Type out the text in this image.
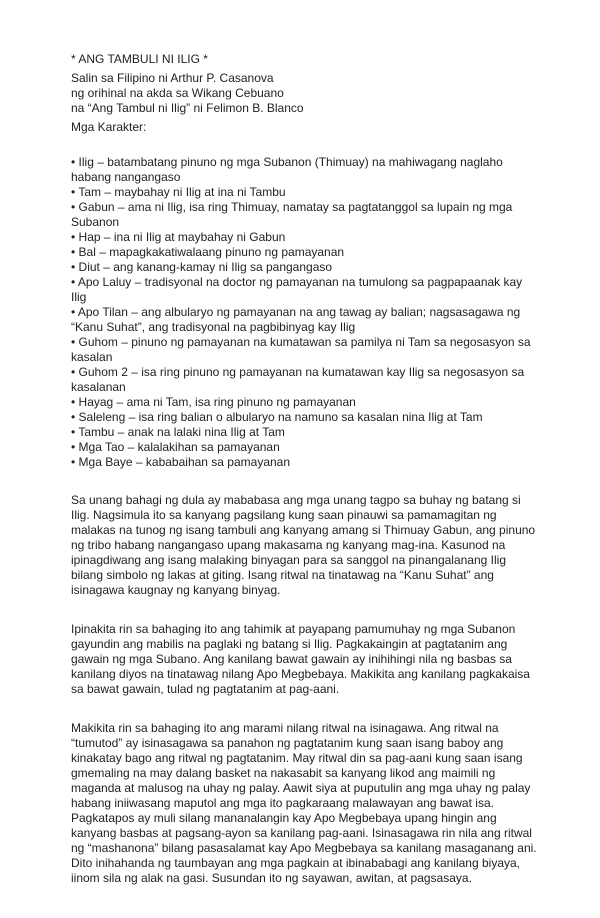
* ANG TAMBULI NI ILIG *
Salin sa Filipino ni Arthur P. Casanova
ng orihinal na akda sa Wikang Cebuano
na “Ang Tambul ni Ilig” ni Felimon B. Blanco
Mga Karakter:
• Ilig – batambatang pinuno ng mga Subanon (Thimuay) na mahiwagang naglaho
habang nangangaso
• Tam – maybahay ni Ilig at ina ni Tambu
• Gabun – ama ni Ilig, isa ring Thimuay, namatay sa pagtatanggol sa lupain ng mga
Subanon
• Hap – ina ni Ilig at maybahay ni Gabun
• Bal – mapagkakatiwalaang pinuno ng pamayanan
• Diut – ang kanang-kamay ni Ilig sa pangangaso
• Apo Laluy – tradisyonal na doctor ng pamayanan na tumulong sa pagpapaanak kay
Ilig
• Apo Tilan – ang albularyo ng pamayanan na ang tawag ay balian; nagsasagawa ng
“Kanu Suhat”, ang tradisyonal na pagbibinyag kay Ilig
• Guhom – pinuno ng pamayanan na kumatawan sa pamilya ni Tam sa negosasyon sa
kasalan
• Guhom 2 – isa ring pinuno ng pamayanan na kumatawan kay Ilig sa negosasyon sa
kasalanan
• Hayag – ama ni Tam, isa ring pinuno ng pamayanan
• Saleleng – isa ring balian o albularyo na namuno sa kasalan nina Ilig at Tam
• Tambu – anak na lalaki nina Ilig at Tam
• Mga Tao – kalalakihan sa pamayanan
• Mga Baye – kababaihan sa pamayanan
Sa unang bahagi ng dula ay mababasa ang mga unang tagpo sa buhay ng batang si
Ilig. Nagsimula ito sa kanyang pagsilang kung saan pinauwi sa pamamagitan ng
malakas na tunog ng isang tambuli ang kanyang amang si Thimuay Gabun, ang pinuno
ng tribo habang nangangaso upang makasama ng kanyang mag-ina. Kasunod na
ipinagdiwang ang isang malaking binyagan para sa sanggol na pinangalanang Ilig
bilang simbolo ng lakas at giting. Isang ritwal na tinatawag na “Kanu Suhat” ang
isinagawa kaugnay ng kanyang binyag.
Ipinakita rin sa bahaging ito ang tahimik at payapang pamumuhay ng mga Subanon
gayundin ang mabilis na paglaki ng batang si Ilig. Pagkakaingin at pagtatanim ang
gawain ng mga Subano. Ang kanilang bawat gawain ay inihihingi nila ng basbas sa
kanilang diyos na tinatawag nilang Apo Megbebaya. Makikita ang kanilang pagkakaisa
sa bawat gawain, tulad ng pagtatanim at pag-aani.
Makikita rin sa bahaging ito ang marami nilang ritwal na isinagawa. Ang ritwal na
“tumutod” ay isinasagawa sa panahon ng pagtatanim kung saan isang baboy ang
kinakatay bago ang ritwal ng pagtatanim. May ritwal din sa pag-aani kung saan isang
gmemaling na may dalang basket na nakasabit sa kanyang likod ang maimili ng
maganda at malusog na uhay ng palay. Aawit siya at puputulin ang mga uhay ng palay
habang iniiwasang maputol ang mga ito pagkaraang malawayan ang bawat isa.
Pagkatapos ay muli silang mananalangin kay Apo Megbebaya upang hingin ang
kanyang basbas at pagsang-ayon sa kanilang pag-aani. Isinasagawa rin nila ang ritwal
ng “mashanona” bilang pasasalamat kay Apo Megbebaya sa kanilang masaganang ani.
Dito inihahanda ng taumbayan ang mga pagkain at ibinababagi ang kanilang biyaya,
iinom sila ng alak na gasi. Susundan ito ng sayawan, awitan, at pagsasaya.
